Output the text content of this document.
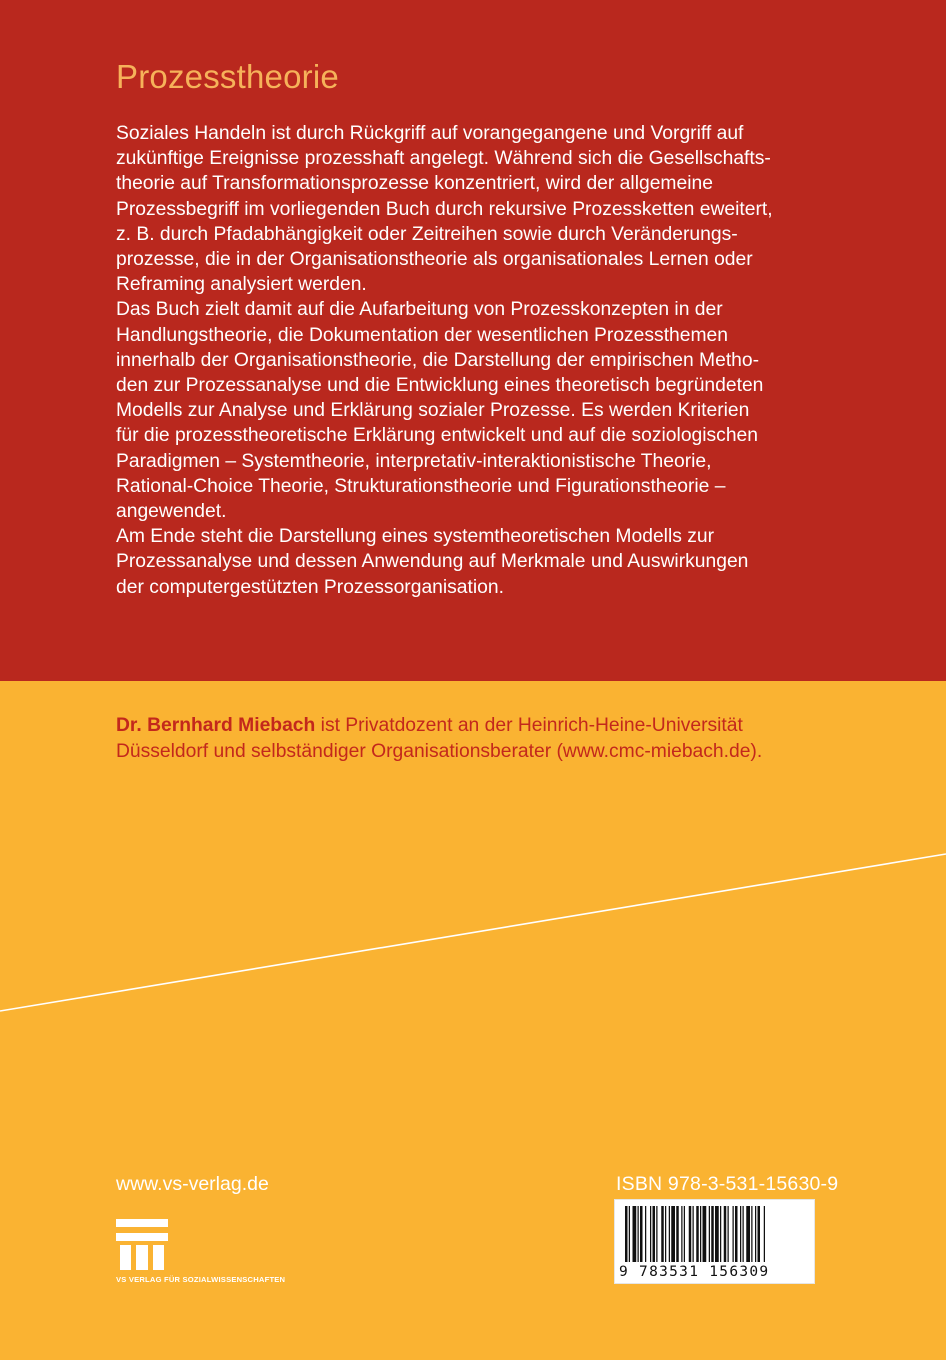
Prozesstheorie

Soziales Handeln ist durch Rückgriff auf vorangegangene und Vorgriff auf
zukünftige Ereignisse prozesshaft angelegt. Während sich die Gesellschafts-
theorie auf Transformationsprozesse konzentriert, wird der allgemeine
Prozessbegriff im vorliegenden Buch durch rekursive Prozessketten eweitert,
z. B. durch Pfadabhängigkeit oder Zeitreihen sowie durch Veränderungs-
prozesse, die in der Organisationstheorie als organisationales Lernen oder
Reframing analysiert werden.

Das Buch zielt damit auf die Aufarbeitung von Prozesskonzepten in der
Handlungstheorie, die Dokumentation der wesentlichen Prozessthemen
innerhalb der Organisationstheorie, die Darstellung der empirischen Metho-
den zur Prozessanalyse und die Entwicklung eines theoretisch begründeten
Modells zur Analyse und Erklärung sozialer Prozesse. Es werden Kriterien
für die prozesstheoretische Erklärung entwickelt und auf die soziologischen
Paradigmen – Systemtheorie, interpretativ-interaktionistische Theorie,
Rational-Choice Theorie, Strukturationstheorie und Figurationstheorie –
angewendet.

Am Ende steht die Darstellung eines systemtheoretischen Modells zur
Prozessanalyse und dessen Anwendung auf Merkmale und Auswirkungen
der computergestützten Prozessorganisation.

Dr. Bernhard Miebach ist Privatdozent an der Heinrich-Heine-Universität
Düsseldorf und selbständiger Organisationsberater (www.cmc-miebach.de).
www.vs-verlag.de
VS VERLAG FÜR SOZIALWISSENSCHAFTEN
ISBN 978-3-531-15630-9
9 783531 156309
